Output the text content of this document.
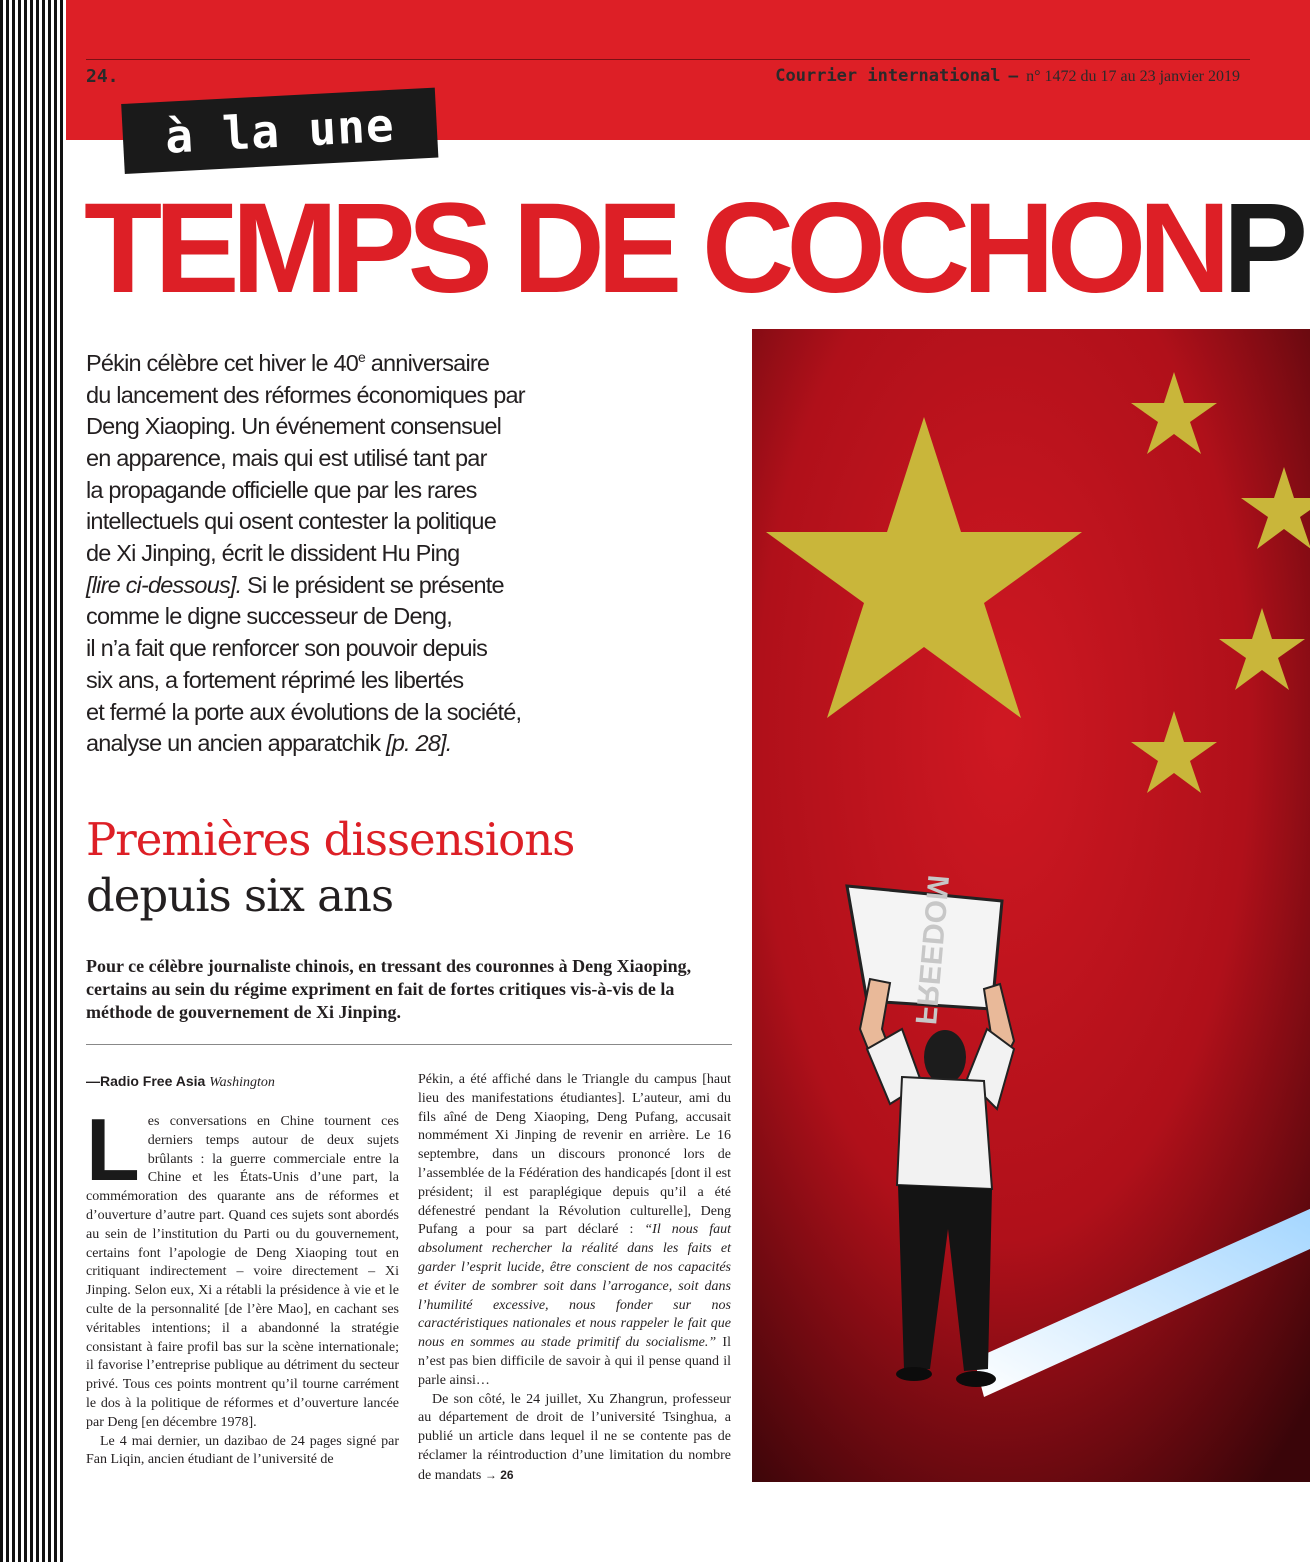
24.	Courrier international – n° 1472 du 17 au 23 janvier 2019
à la une
TEMPS DE COCHONP
Pékin célèbre cet hiver le 40e anniversaire
du lancement des réformes économiques par
Deng Xiaoping. Un événement consensuel
en apparence, mais qui est utilisé tant par
la propagande officielle que par les rares
intellectuels qui osent contester la politique
de Xi Jinping, écrit le dissident Hu Ping
[lire ci-dessous]. Si le président se présente
comme le digne successeur de Deng,
il n’a fait que renforcer son pouvoir depuis
six ans, a fortement réprimé les libertés
et fermé la porte aux évolutions de la société,
analyse un ancien apparatchik [p. 28].
Premières dissensions
depuis six ans
Pour ce célèbre journaliste chinois, en tressant des couronnes à Deng Xiaoping, certains au sein du régime expriment en fait de fortes critiques vis-à-vis de la méthode de gouvernement de Xi Jinping.
—Radio Free Asia Washington

Les conversations en Chine tournent ces derniers temps autour de deux sujets brûlants : la guerre commerciale entre la Chine et les États-Unis d’une part, la commémoration des quarante ans de réformes et d’ouverture d’autre part. Quand ces sujets sont abordés au sein de l’institution du Parti ou du gouvernement, certains font l’apologie de Deng Xiaoping tout en critiquant indirectement – voire directement – Xi Jinping. Selon eux, Xi a rétabli la présidence à vie et le culte de la personnalité [de l’ère Mao], en cachant ses véritables intentions; il a abandonné la stratégie consistant à faire profil bas sur la scène internationale; il favorise l’entreprise publique au détriment du secteur privé. Tous ces points montrent qu’il tourne carrément le dos à la politique de réformes et d’ouverture lancée par Deng [en décembre 1978].

Le 4 mai dernier, un dazibao de 24 pages signé par Fan Liqin, ancien étudiant de l’université de

Pékin, a été affiché dans le Triangle du campus [haut lieu des manifestations étudiantes]. L’auteur, ami du fils aîné de Deng Xiaoping, Deng Pufang, accusait nommément Xi Jinping de revenir en arrière. Le 16 septembre, dans un discours prononcé lors de l’assemblée de la Fédération des handicapés [dont il est président; il est paraplégique depuis qu’il a été défenestré pendant la Révolution culturelle], Deng Pufang a pour sa part déclaré : “Il nous faut absolument rechercher la réalité dans les faits et garder l’esprit lucide, être conscient de nos capacités et éviter de sombrer soit dans l’arrogance, soit dans l’humilité excessive, nous fonder sur nos caractéristiques nationales et nous rappeler le fait que nous en sommes au stade primitif du socialisme.” Il n’est pas bien difficile de savoir à qui il pense quand il parle ainsi…

De son côté, le 24 juillet, Xu Zhangrun, professeur au département de droit de l’université Tsinghua, a publié un article dans lequel il ne se contente pas de réclamer la réintroduction d’une limitation du nombre de mandats → 26

FREEDOM
